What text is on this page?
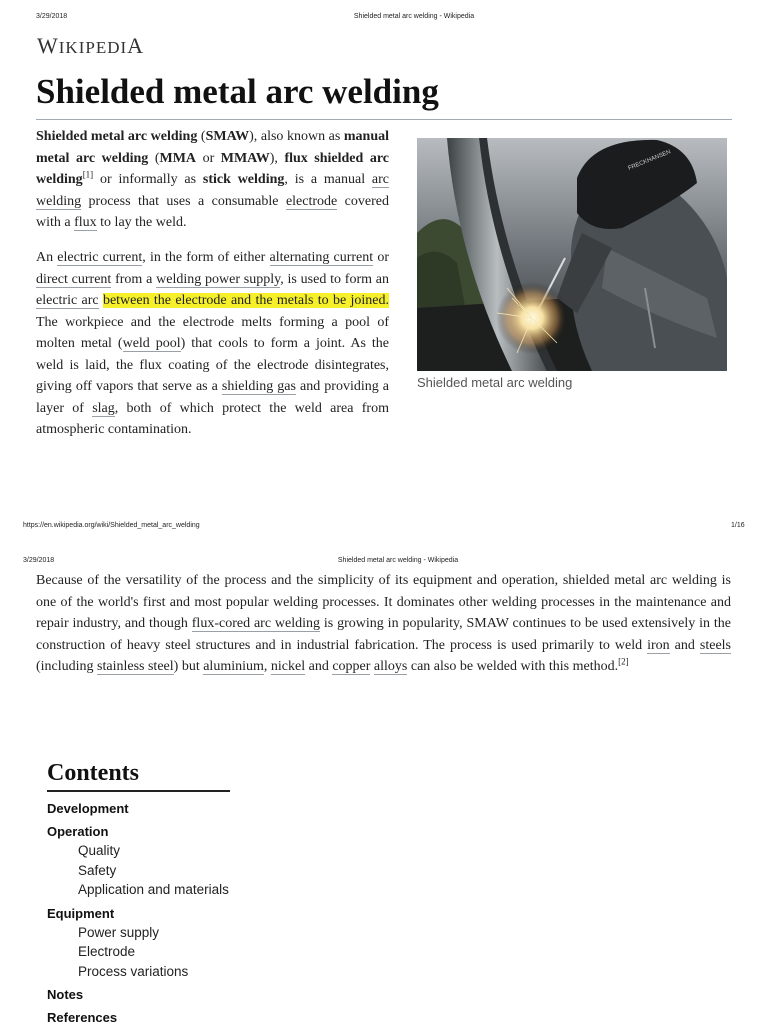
3/29/2018	Shielded metal arc welding - Wikipedia
WIKIPEDIA
Shielded metal arc welding

Shielded metal arc welding (SMAW), also known as manual metal arc welding (MMA or MMAW), flux shielded arc welding[1] or informally as stick welding, is a manual arc welding process that uses a consumable electrode covered with a flux to lay the weld.

An electric current, in the form of either alternating current or direct current from a welding power supply, is used to form an electric arc between the electrode and the metals to be joined. The workpiece and the electrode melts forming a pool of molten metal (weld pool) that cools to form a joint. As the weld is laid, the flux coating of the electrode disintegrates, giving off vapors that serve as a shielding gas and providing a layer of slag, both of which protect the weld area from atmospheric contamination.

FRECKHANSEN
Shielded metal arc welding
https://en.wikipedia.org/wiki/Shielded_metal_arc_welding	1/16
3/29/2018	Shielded metal arc welding - Wikipedia

Because of the versatility of the process and the simplicity of its equipment and operation, shielded metal arc welding is one of the world's first and most popular welding processes. It dominates other welding processes in the maintenance and repair industry, and though flux-cored arc welding is growing in popularity, SMAW continues to be used extensively in the construction of heavy steel structures and in industrial fabrication. The process is used primarily to weld iron and steels (including stainless steel) but aluminium, nickel and copper alloys can also be welded with this method.[2]

Contents
Development
Operation
Quality
Safety
Application and materials
Equipment
Power supply
Electrode
Process variations
Notes
References
